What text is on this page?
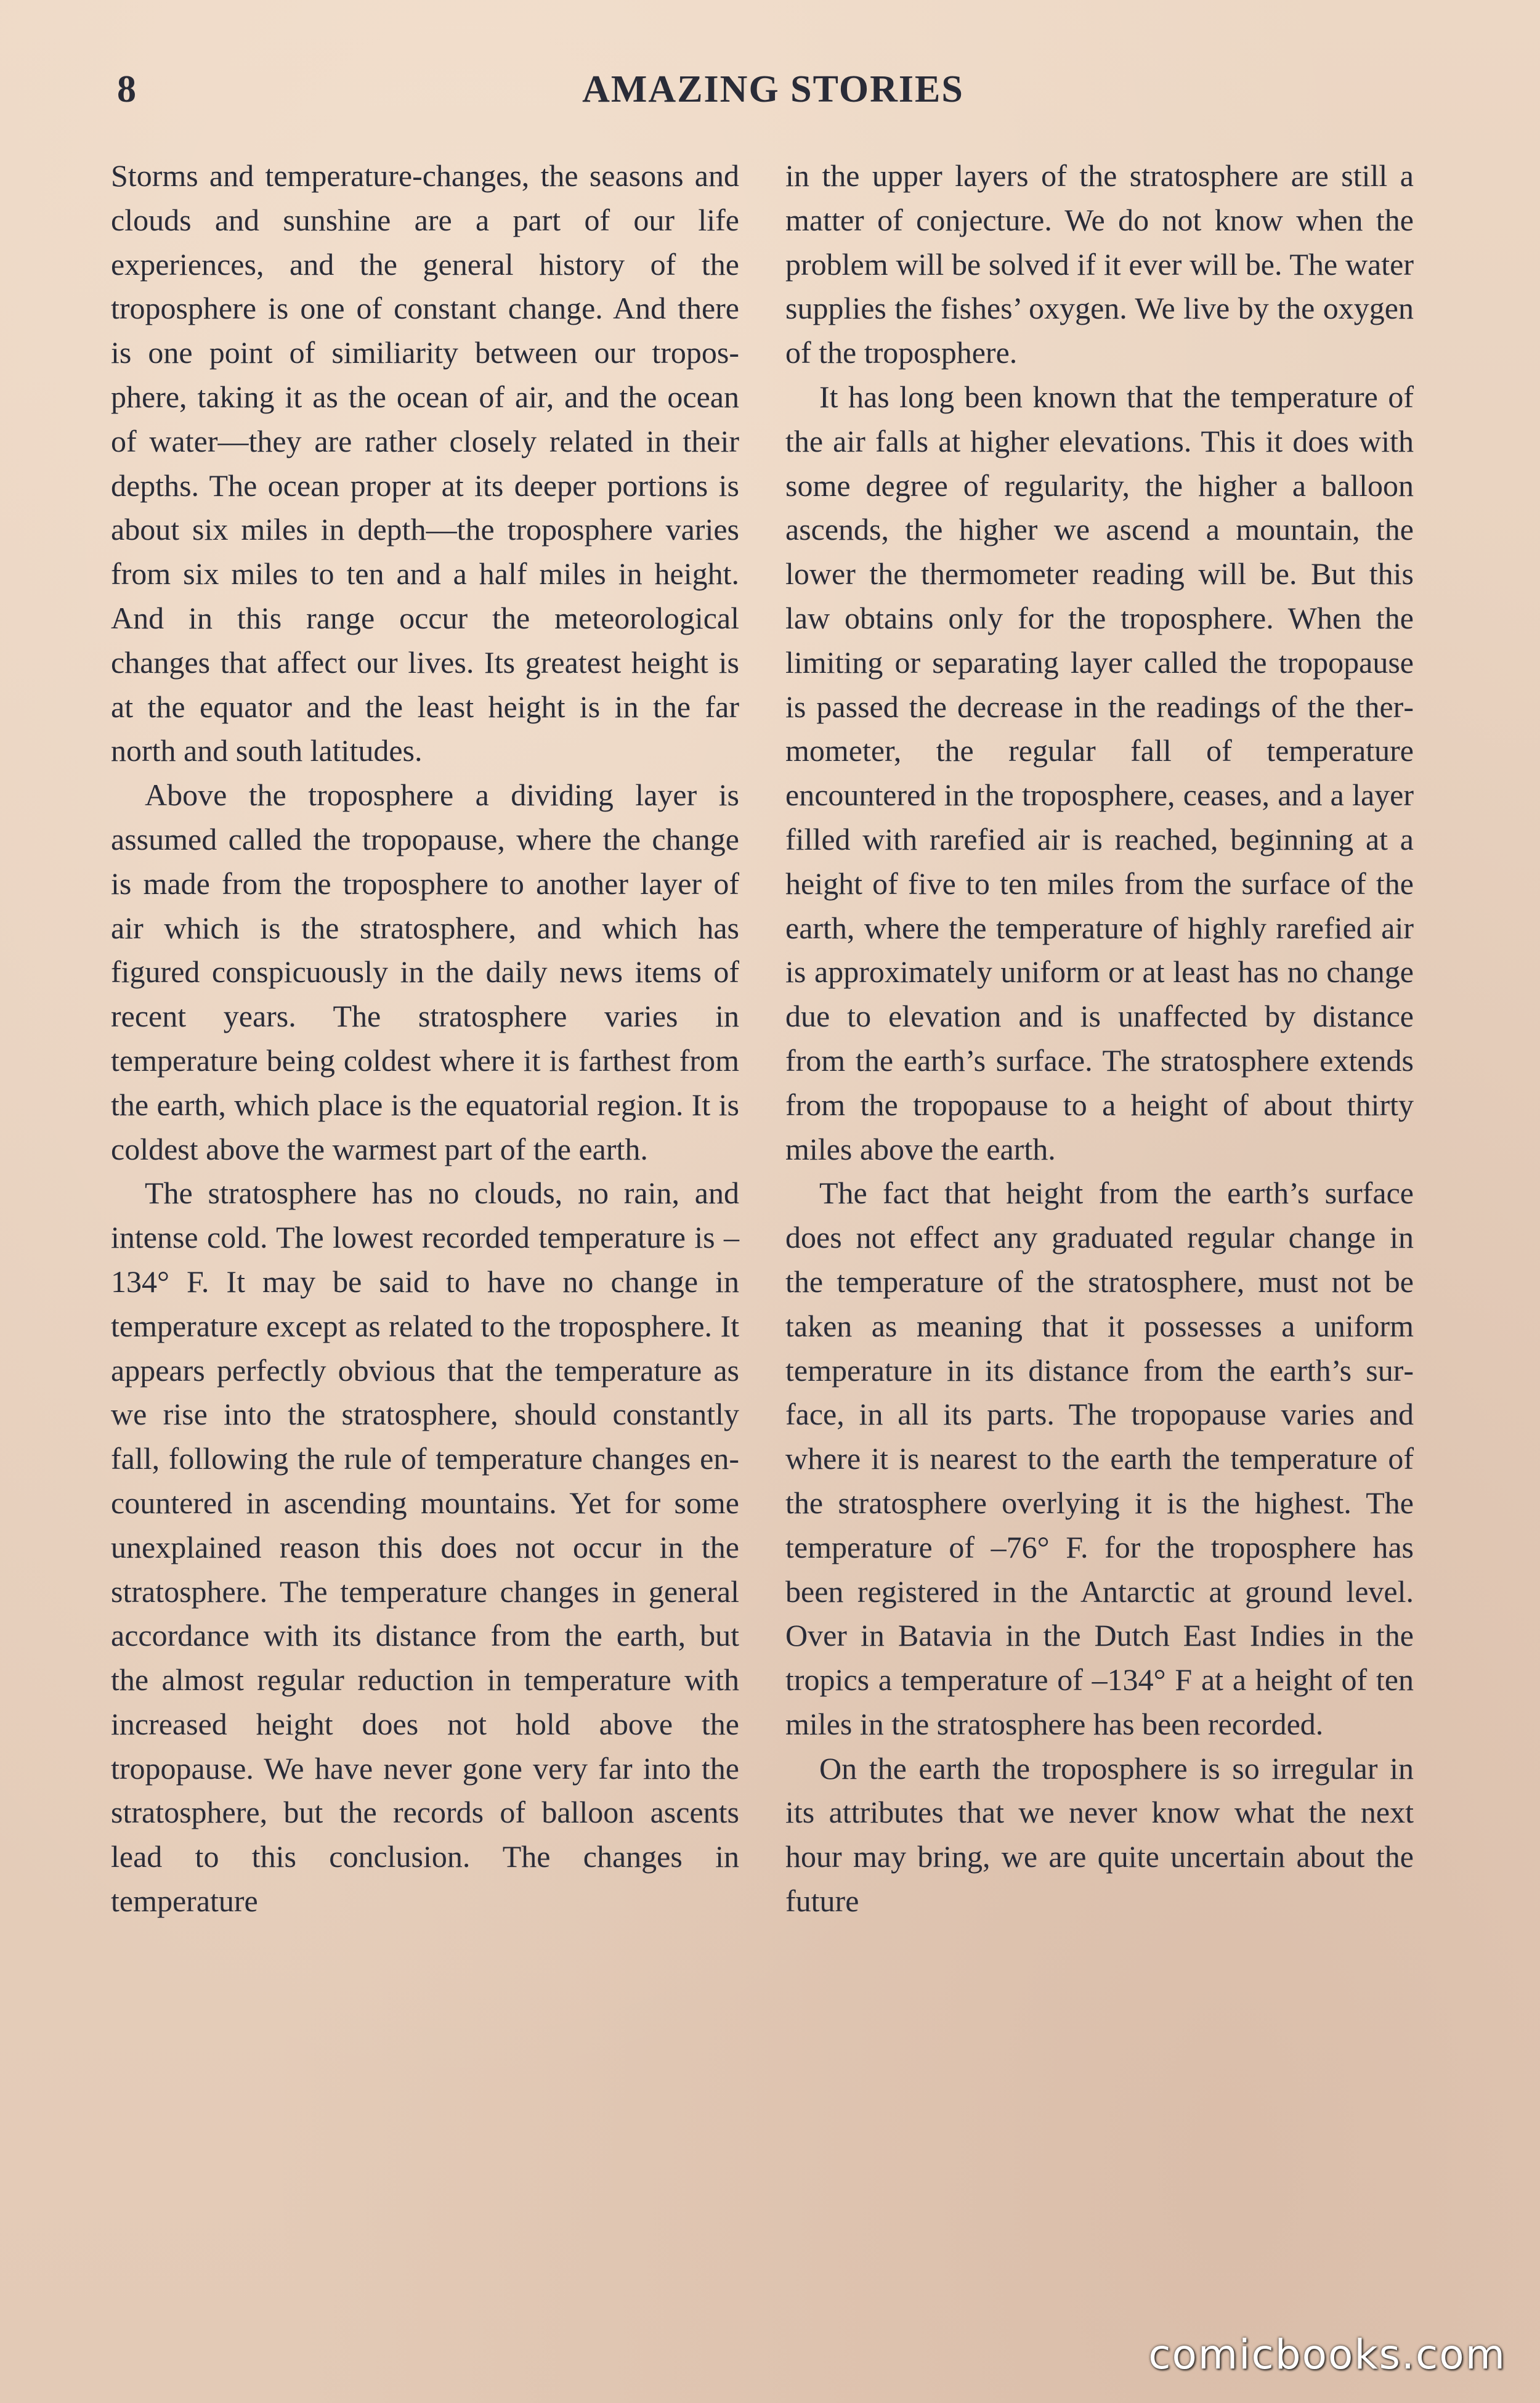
8	AMAZING STORIES

Storms and temperature-changes, the seasons and clouds and sunshine are a part of our life experiences, and the general history of the troposphere is one of constant change. And there is one point of similiarity between our troposphere, taking it as the ocean of air, and the ocean of water—they are rather closely related in their depths. The ocean proper at its deeper portions is about six miles in depth—the troposphere varies from six miles to ten and a half miles in height. And in this range occur the meteorological changes that affect our lives. Its greatest height is at the equator and the least height is in the far north and south latitudes.

Above the troposphere a dividing layer is assumed called the tropopause, where the change is made from the troposphere to another layer of air which is the stratosphere, and which has figured conspicuously in the daily news items of recent years. The stratosphere varies in temperature being coldest where it is farthest from the earth, which place is the equatorial region. It is coldest above the warmest part of the earth.

The stratosphere has no clouds, no rain, and intense cold. The lowest recorded temperature is –134° F. It may be said to have no change in temperature except as related to the troposphere. It appears perfectly obvious that the temperature as we rise into the stratosphere, should constantly fall, following the rule of temperature changes encountered in ascending mountains. Yet for some unexplained reason this does not occur in the stratosphere. The temperature changes in general accordance with its distance from the earth, but the almost regular reduction in temperature with increased height does not hold above the tropopause. We have never gone very far into the stratosphere, but the records of balloon ascents lead to this conclusion. The changes in temperature

in the upper layers of the stratosphere are still a matter of conjecture. We do not know when the problem will be solved if it ever will be. The water supplies the fishes’ oxygen. We live by the oxygen of the troposphere.

It has long been known that the temperature of the air falls at higher elevations. This it does with some degree of regularity, the higher a balloon ascends, the higher we ascend a mountain, the lower the thermometer reading will be. But this law obtains only for the troposphere. When the limiting or separating layer called the tropopause is passed the decrease in the readings of the thermometer, the regular fall of temperature encountered in the troposphere, ceases, and a layer filled with rarefied air is reached, beginning at a height of five to ten miles from the surface of the earth, where the temperature of highly rarefied air is approximately uniform or at least has no change due to elevation and is unaffected by distance from the earth’s surface. The stratosphere extends from the tropopause to a height of about thirty miles above the earth.

The fact that height from the earth’s surface does not effect any graduated regular change in the temperature of the stratosphere, must not be taken as meaning that it possesses a uniform temperature in its distance from the earth’s surface, in all its parts. The tropopause varies and where it is nearest to the earth the temperature of the stratosphere overlying it is the highest. The temperature of –76° F. for the troposphere has been registered in the Antarctic at ground level. Over in Batavia in the Dutch East Indies in the tropics a temperature of –134° F at a height of ten miles in the stratosphere has been recorded.

On the earth the troposphere is so irregular in its attributes that we never know what the next hour may bring, we are quite uncertain about the future

comicbooks.com
